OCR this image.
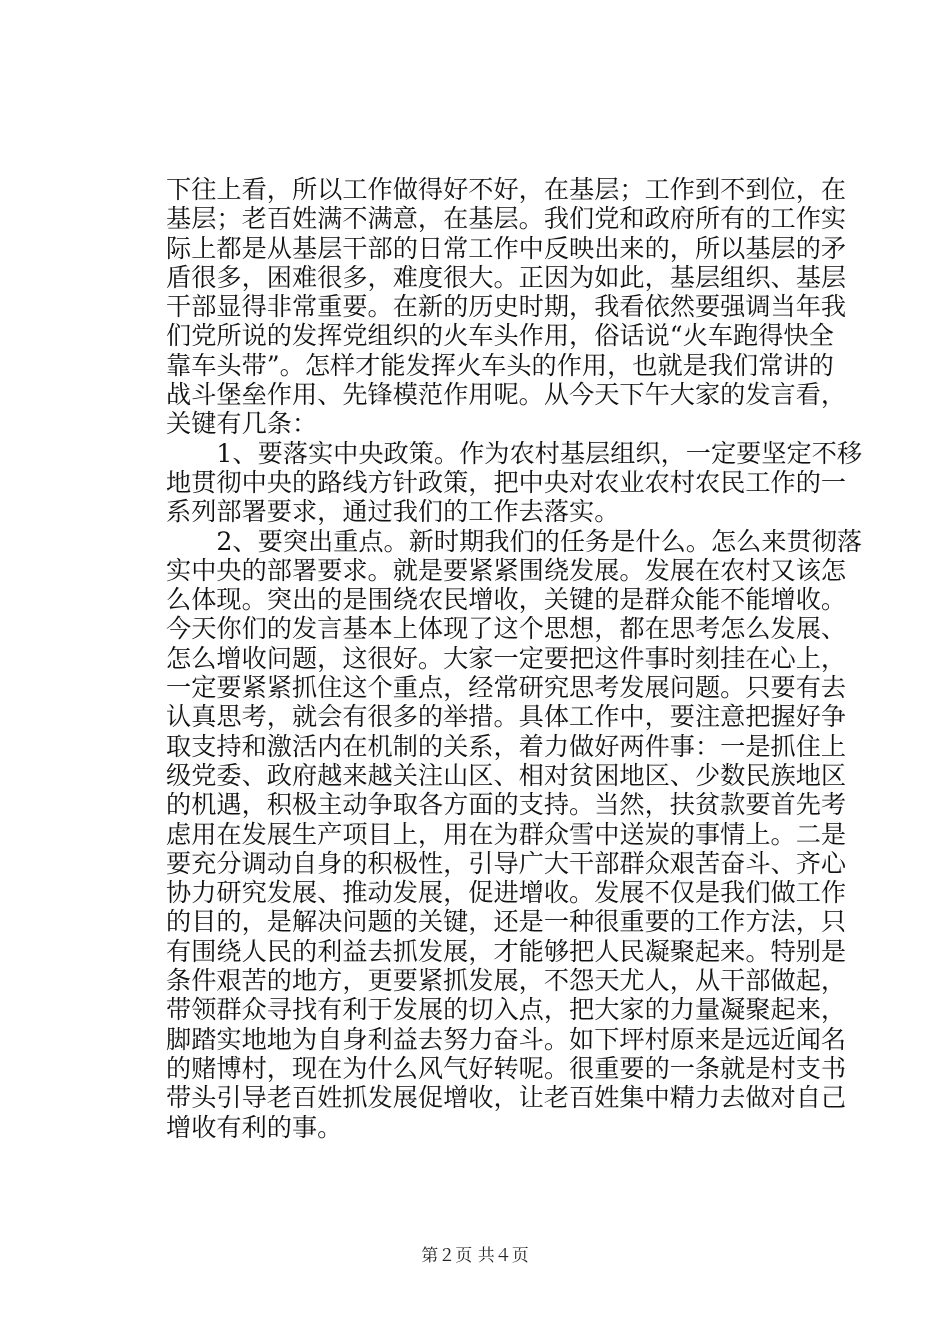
下往上看，所以工作做得好不好，在基层；工作到不到位，在
基层；老百姓满不满意，在基层。我们党和政府所有的工作实
际上都是从基层干部的日常工作中反映出来的，所以基层的矛
盾很多，困难很多，难度很大。正因为如此，基层组织、基层
干部显得非常重要。在新的历史时期，我看依然要强调当年我
们党所说的发挥党组织的火车头作用，俗话说“火车跑得快全
靠车头带”。怎样才能发挥火车头的作用，也就是我们常讲的
战斗堡垒作用、先锋模范作用呢。从今天下午大家的发言看，
关键有几条：
　　1、要落实中央政策。作为农村基层组织，一定要坚定不移
地贯彻中央的路线方针政策，把中央对农业农村农民工作的一
系列部署要求，通过我们的工作去落实。
　　2、要突出重点。新时期我们的任务是什么。怎么来贯彻落
实中央的部署要求。就是要紧紧围绕发展。发展在农村又该怎
么体现。突出的是围绕农民增收，关键的是群众能不能增收。
今天你们的发言基本上体现了这个思想，都在思考怎么发展、
怎么增收问题，这很好。大家一定要把这件事时刻挂在心上，
一定要紧紧抓住这个重点，经常研究思考发展问题。只要有去
认真思考，就会有很多的举措。具体工作中，要注意把握好争
取支持和激活内在机制的关系，着力做好两件事：一是抓住上
级党委、政府越来越关注山区、相对贫困地区、少数民族地区
的机遇，积极主动争取各方面的支持。当然，扶贫款要首先考
虑用在发展生产项目上，用在为群众雪中送炭的事情上。二是
要充分调动自身的积极性，引导广大干部群众艰苦奋斗、齐心
协力研究发展、推动发展，促进增收。发展不仅是我们做工作
的目的，是解决问题的关键，还是一种很重要的工作方法，只
有围绕人民的利益去抓发展，才能够把人民凝聚起来。特别是
条件艰苦的地方，更要紧抓发展，不怨天尤人，从干部做起，
带领群众寻找有利于发展的切入点，把大家的力量凝聚起来，
脚踏实地地为自身利益去努力奋斗。如下坪村原来是远近闻名
的赌博村，现在为什么风气好转呢。很重要的一条就是村支书
带头引导老百姓抓发展促增收，让老百姓集中精力去做对自己
增收有利的事。
第２页 共４页
